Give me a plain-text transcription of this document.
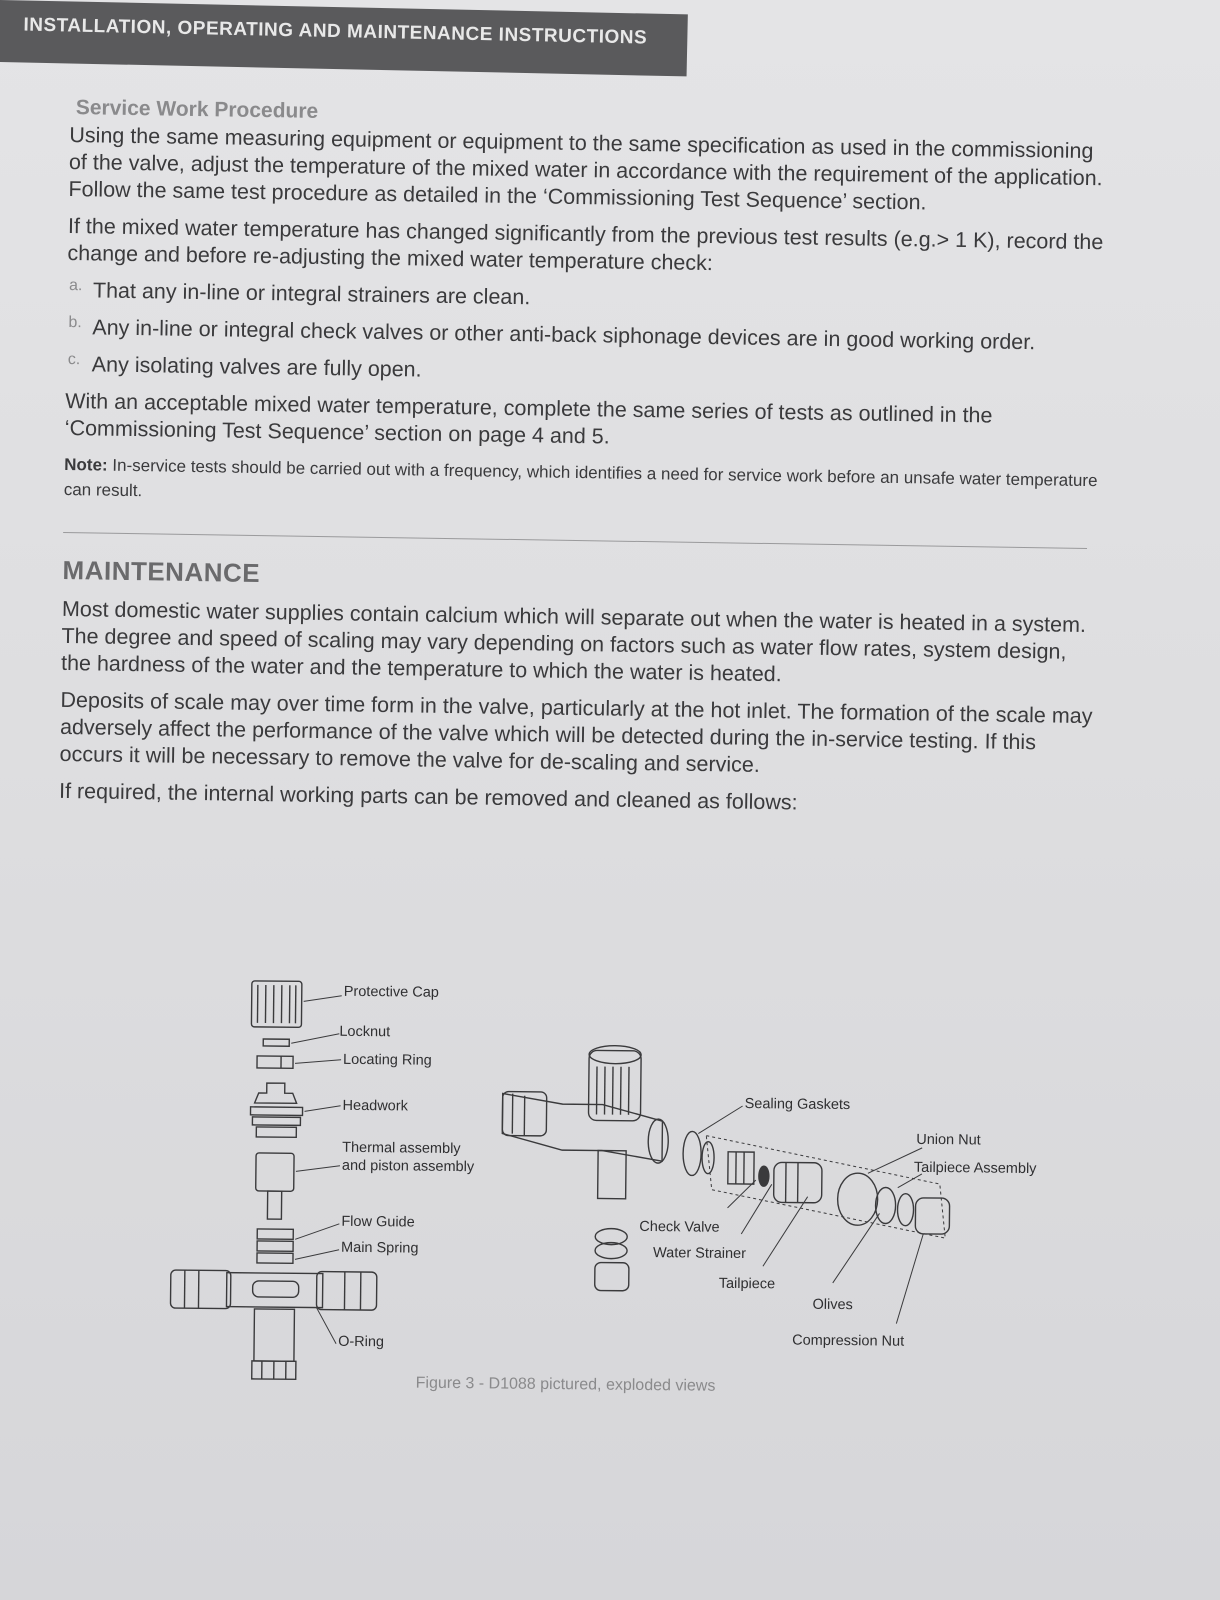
INSTALLATION, OPERATING AND MAINTENANCE INSTRUCTIONS
Service Work Procedure

Using the same measuring equipment or equipment to the same specification as used in the commissioning of the valve, adjust the temperature of the mixed water in accordance with the requirement of the application. Follow the same test procedure as detailed in the ‘Commissioning Test Sequence’ section.

If the mixed water temperature has changed significantly from the previous test results (e.g.> 1 K), record the change and before re-adjusting the mixed water temperature check:

a. That any in-line or integral strainers are clean.

b. Any in-line or integral check valves or other anti-back siphonage devices are in good working order.

c. Any isolating valves are fully open.

With an acceptable mixed water temperature, complete the same series of tests as outlined in the ‘Commissioning Test Sequence’ section on page 4 and 5.

Note: In-service tests should be carried out with a frequency, which identifies a need for service work before an unsafe water temperature can result.

MAINTENANCE

Most domestic water supplies contain calcium which will separate out when the water is heated in a system. The degree and speed of scaling may vary depending on factors such as water flow rates, system design, the hardness of the water and the temperature to which the water is heated.

Deposits of scale may over time form in the valve, particularly at the hot inlet. The formation of the scale may adversely affect the performance of the valve which will be detected during the in-service testing. If this occurs it will be necessary to remove the valve for de-scaling and service.

If required, the internal working parts can be removed and cleaned as follows:

Protective Cap
Locknut
Locating Ring
Headwork
Thermal assembly
and piston assembly
Flow Guide
Main Spring
O-Ring
Sealing Gaskets
Union Nut
Tailpiece Assembly
Check Valve
Water Strainer
Tailpiece
Olives
Compression Nut
Figure 3 - D1088 pictured, exploded views
